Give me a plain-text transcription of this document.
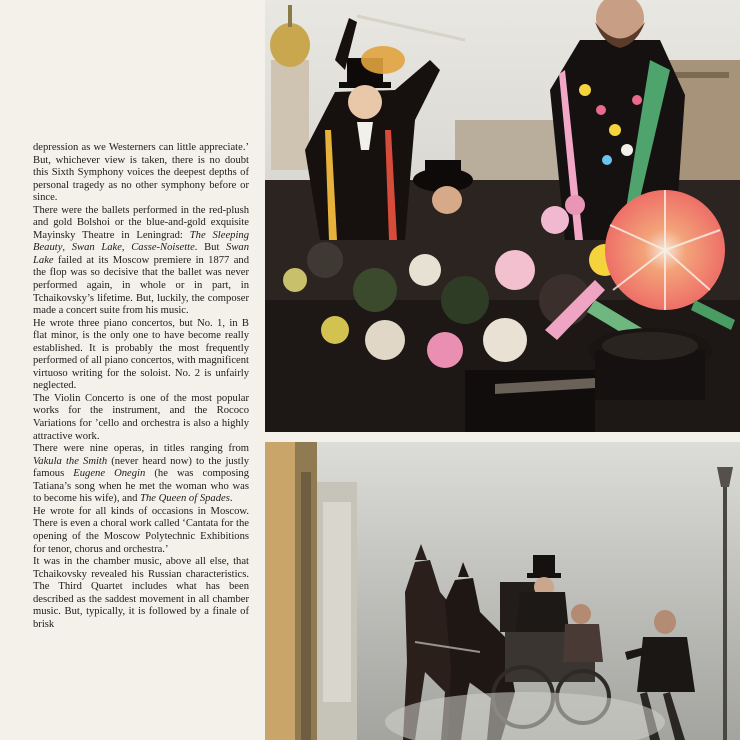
depression as we Westerners can little appreciate.’ But, whichever view is taken, there is no doubt this Sixth Symphony voices the deepest depths of personal tragedy as no other symphony before or since.

There were the ballets performed in the red-plush and gold Bolshoi or the blue-and-gold exquisite Mayinsky Theatre in Leningrad: The Sleeping Beauty, Swan Lake, Casse-Noisette. But Swan Lake failed at its Moscow premiere in 1877 and the flop was so decisive that the ballet was never performed again, in whole or in part, in Tchaikovsky’s lifetime. But, luckily, the composer made a concert suite from his music.

He wrote three piano concertos, but No. 1, in B flat minor, is the only one to have become really established. It is probably the most frequently performed of all piano concertos, with magnificent virtuoso writing for the soloist. No. 2 is unfairly neglected.

The Violin Concerto is one of the most popular works for the instrument, and the Rococo Variations for ’cello and orchestra is also a highly attractive work.

There were nine operas, in titles ranging from Vakula the Smith (never heard now) to the justly famous Eugene Onegin (he was composing Tatiana’s song when he met the woman who was to become his wife), and The Queen of Spades.

He wrote for all kinds of occasions in Moscow. There is even a choral work called ‘Cantata for the opening of the Moscow Polytechnic Exhibitions for tenor, chorus and orchestra.’

It was in the chamber music, above all else, that Tchaikovsky revealed his Russian characteristics. The Third Quartet includes what has been described as the saddest movement in all chamber music. But, typically, it is followed by a finale of brisk
